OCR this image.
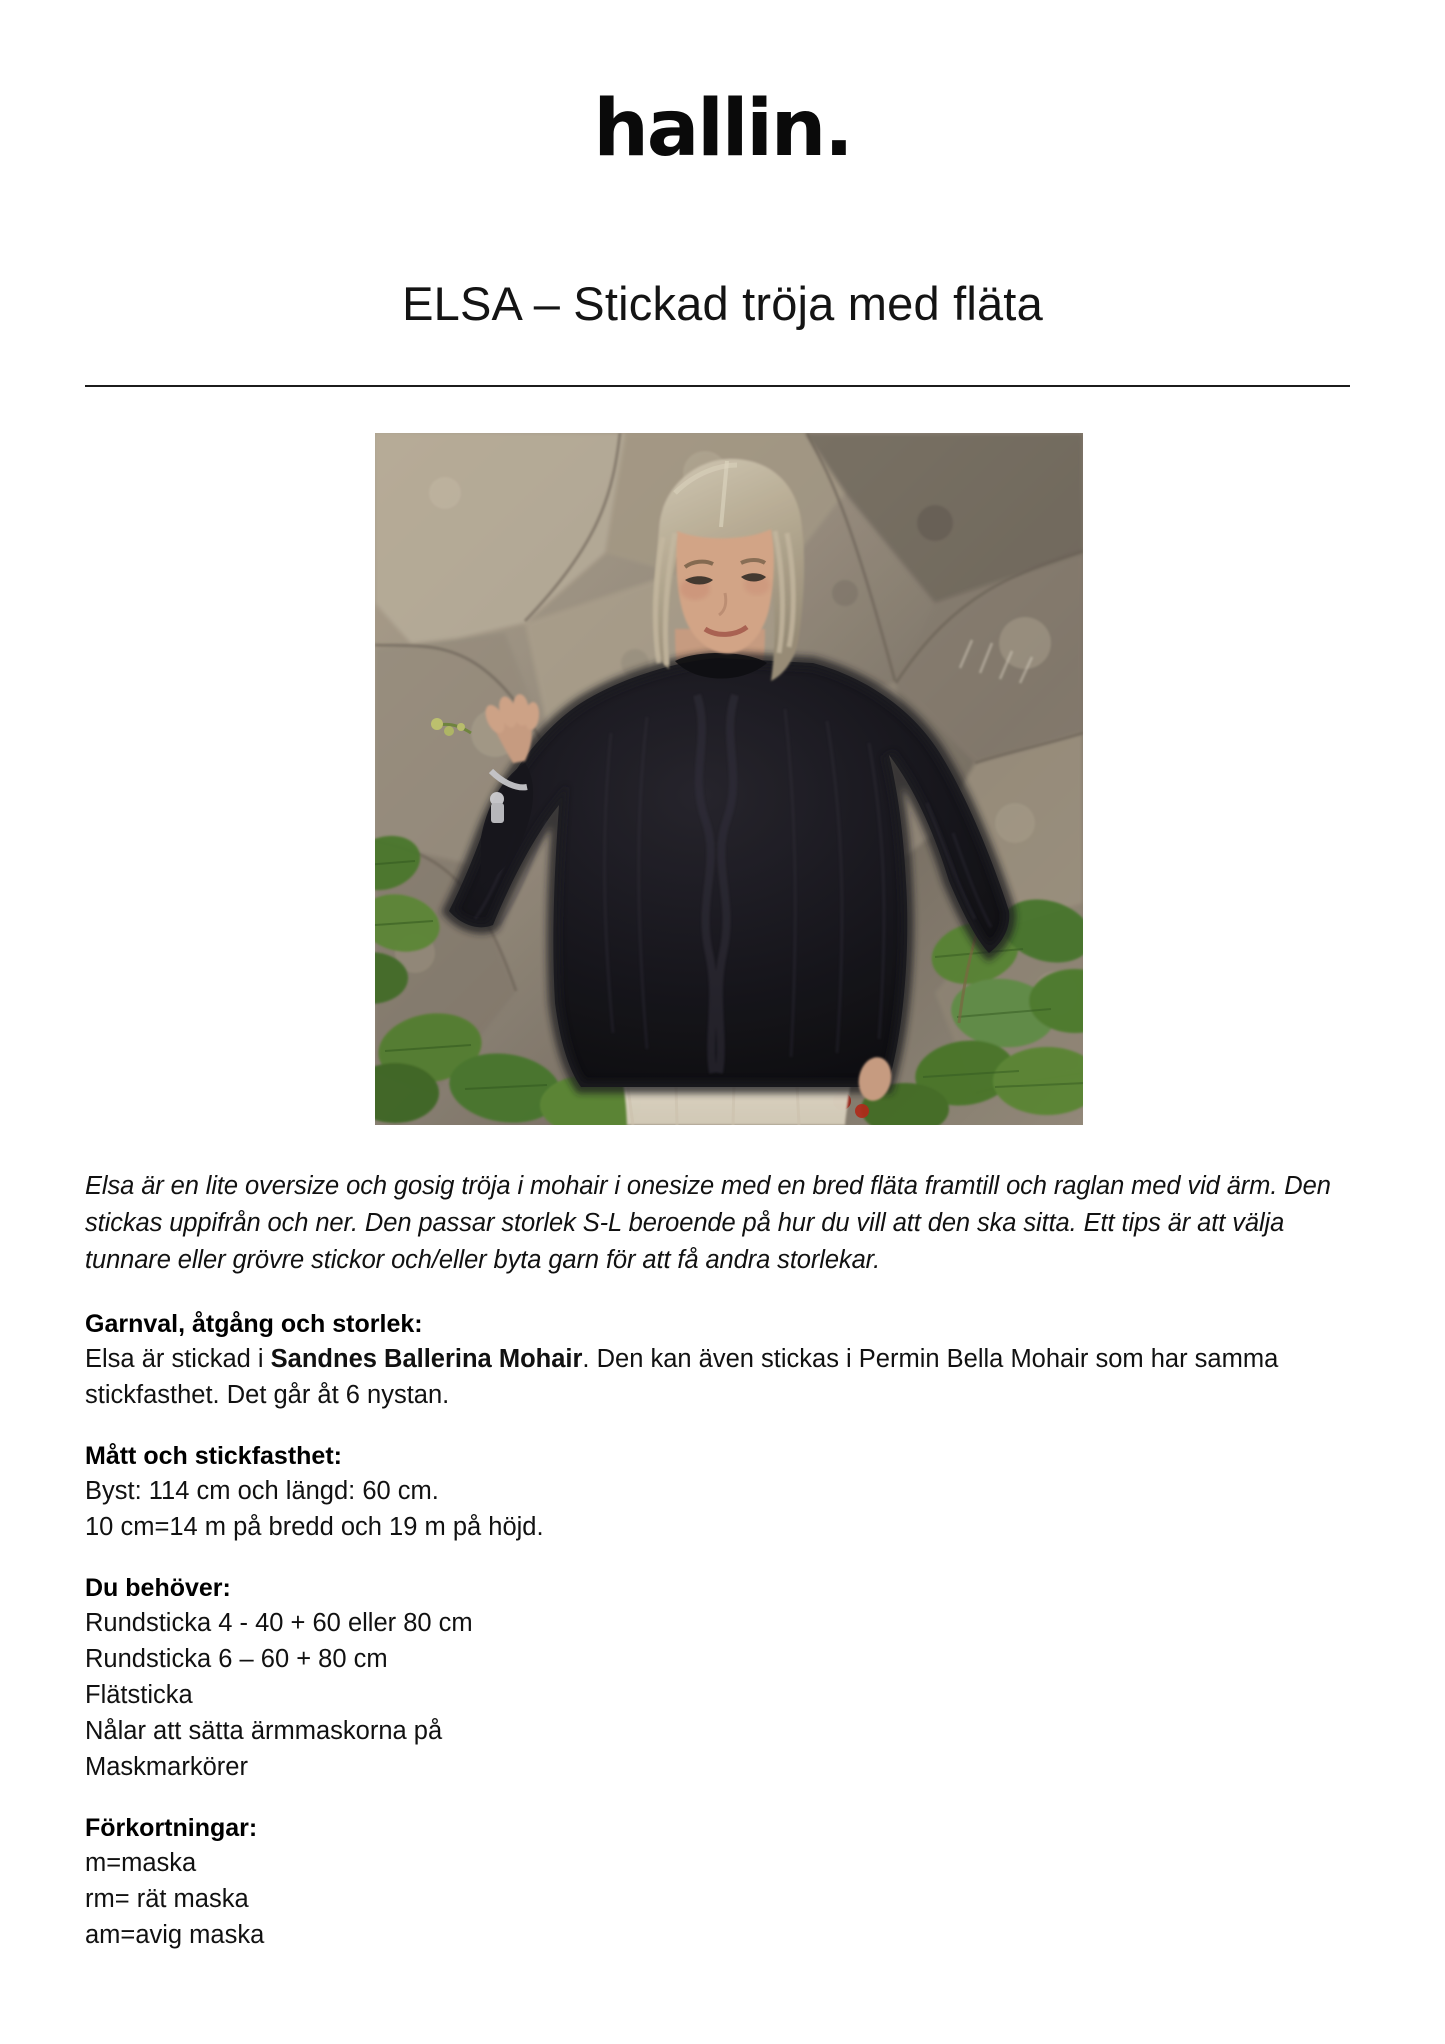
hallin.
ELSA – Stickad tröja med fläta

Elsa är en lite oversize och gosig tröja i mohair i onesize med en bred fläta framtill och raglan med vid ärm. Den stickas uppifrån och ner. Den passar storlek S-L beroende på hur du vill att den ska sitta. Ett tips är att välja tunnare eller grövre stickor och/eller byta garn för att få andra storlekar.

Garnval, åtgång och storlek:

Elsa är stickad i Sandnes Ballerina Mohair. Den kan även stickas i Permin Bella Mohair som har samma stickfasthet. Det går åt 6 nystan.

Mått och stickfasthet:

Byst: 114 cm och längd: 60 cm.

10 cm=14 m på bredd och 19 m på höjd.

Du behöver:

Rundsticka 4 - 40 + 60 eller 80 cm
Rundsticka 6 – 60 + 80 cm
Flätsticka
Nålar att sätta ärmmaskorna på
Maskmarkörer

Förkortningar:

m=maska
rm= rät maska
am=avig maska
